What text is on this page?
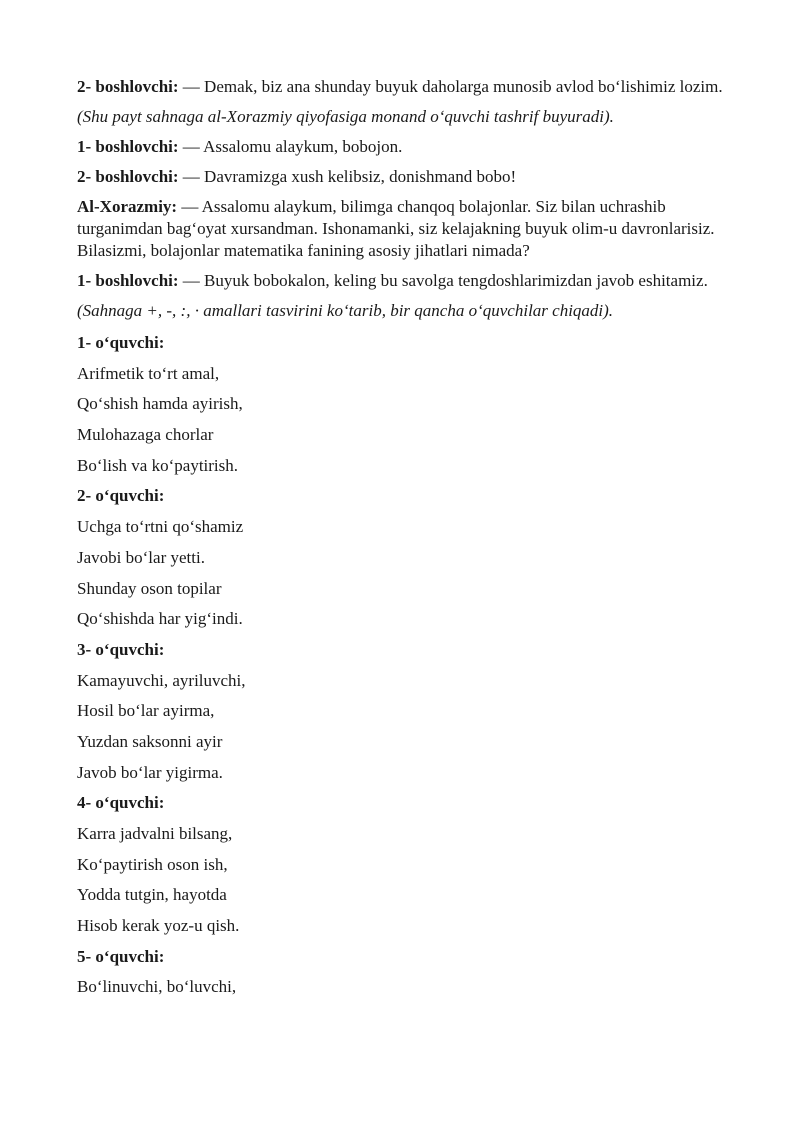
2- boshlovchi: — Demak, biz ana shunday buyuk daholarga munosib avlod bo‘lishimiz lozim.

(Shu payt sahnaga al-Xorazmiy qiyofasiga monand o‘quvchi tashrif buyuradi).

1- boshlovchi: — Assalomu alaykum, bobojon.

2- boshlovchi: — Davramizga xush kelibsiz, donishmand bobo!

Al-Xorazmiy: — Assalomu alaykum, bilimga chanqoq bolajonlar. Siz bilan uchrashib turganimdan bag‘oyat xursandman. Ishonamanki, siz kelajakning buyuk olim-u davronlarisiz. Bilasizmi, bolajonlar matematika fanining asosiy jihatlari nimada?

1- boshlovchi: — Buyuk bobokalon, keling bu savolga tengdoshlarimizdan javob eshitamiz.

(Sahnaga +, -, :, · amallari tasvirini ko‘tarib, bir qancha o‘quvchilar chiqadi).

1- o‘quvchi:

Arifmetik to‘rt amal,

Qo‘shish hamda ayirish,

Mulohazaga chorlar

Bo‘lish va ko‘paytirish.

2- o‘quvchi:

Uchga to‘rtni qo‘shamiz

Javobi bo‘lar yetti.

Shunday oson topilar

Qo‘shishda har yig‘indi.

3- o‘quvchi:

Kamayuvchi, ayriluvchi,

Hosil bo‘lar ayirma,

Yuzdan saksonni ayir

Javob bo‘lar yigirma.

4- o‘quvchi:

Karra jadvalni bilsang,

Ko‘paytirish oson ish,

Yodda tutgin, hayotda

Hisob kerak yoz-u qish.

5- o‘quvchi:

Bo‘linuvchi, bo‘luvchi,
